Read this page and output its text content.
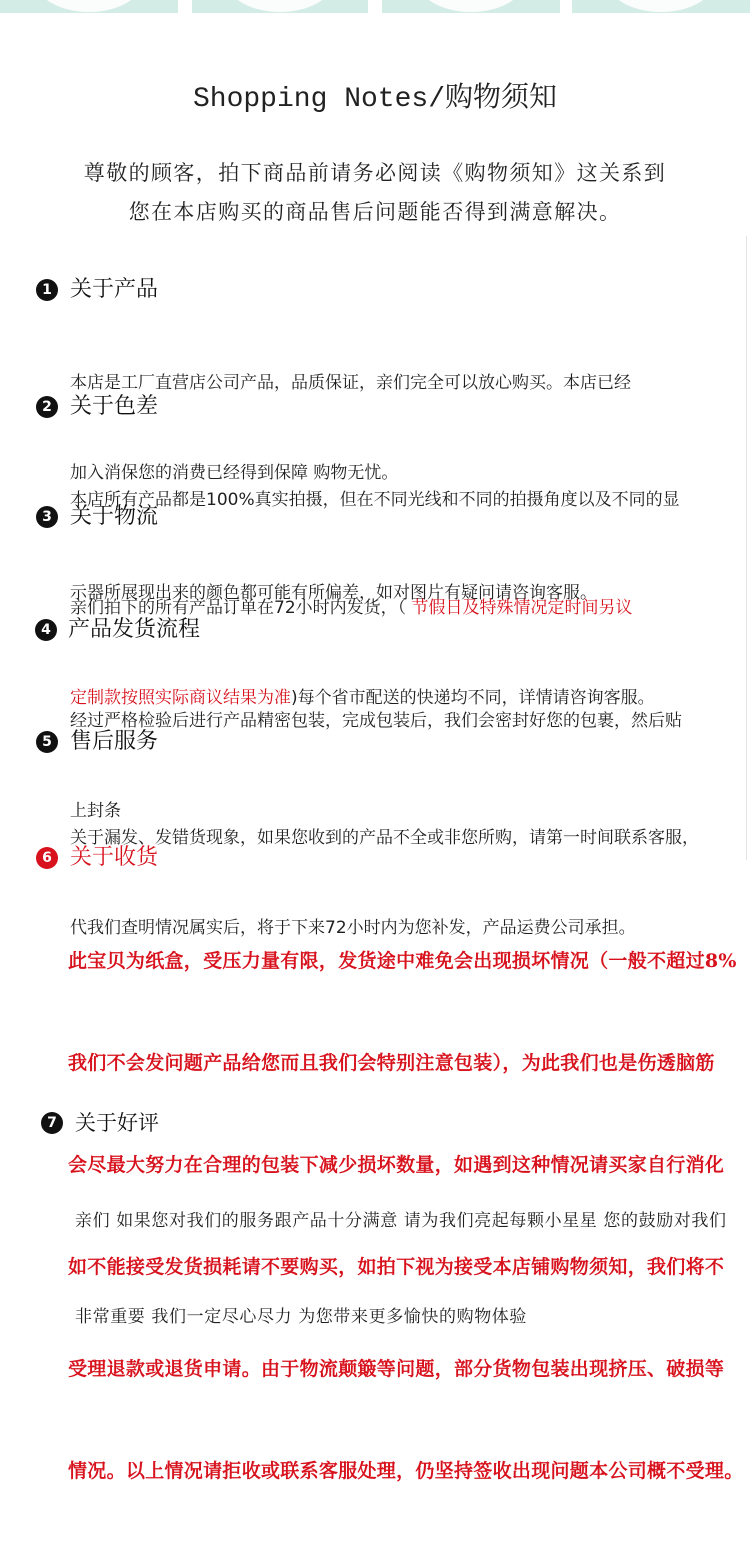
Shopping Notes/购物须知
尊敬的顾客，拍下商品前请务必阅读《购物须知》这关系到
您在本店购买的商品售后问题能否得到满意解决。
1 关于产品

本店是工厂直营店公司产品，品质保证，亲们完全可以放心购买。本店已经

加入消保您的消费已经得到保障 购物无忧。

2 关于色差

本店所有产品都是100%真实拍摄，但在不同光线和不同的拍摄角度以及不同的显

示器所展现出来的颜色都可能有所偏差，如对图片有疑问请咨询客服。

3 关于物流

亲们拍下的所有产品订单在72小时内发货，（ 节假日及特殊情况定时间另议

定制款按照实际商议结果为准)每个省市配送的快递均不同，详情请咨询客服。

4 产品发货流程

经过严格检验后进行产品精密包装，完成包装后，我们会密封好您的包裹，然后贴

上封条

5 售后服务

关于漏发、发错货现象，如果您收到的产品不全或非您所购，请第一时间联系客服，

代我们查明情况属实后，将于下来72小时内为您补发，产品运费公司承担。

6 关于收货

此宝贝为纸盒，受压力量有限，发货途中难免会出现损坏情况（一般不超过8%

我们不会发问题产品给您而且我们会特别注意包装），为此我们也是伤透脑筋

会尽最大努力在合理的包装下减少损坏数量，如遇到这种情况请买家自行消化

如不能接受发货损耗请不要购买，如拍下视为接受本店铺购物须知，我们将不

受理退款或退货申请。由于物流颠簸等问题，部分货物包装出现挤压、破损等

情况。以上情况请拒收或联系客服处理，仍坚持签收出现问题本公司概不受理。

7 关于好评

亲们 如果您对我们的服务跟产品十分满意 请为我们亮起每颗小星星 您的鼓励对我们

非常重要 我们一定尽心尽力 为您带来更多愉快的购物体验
